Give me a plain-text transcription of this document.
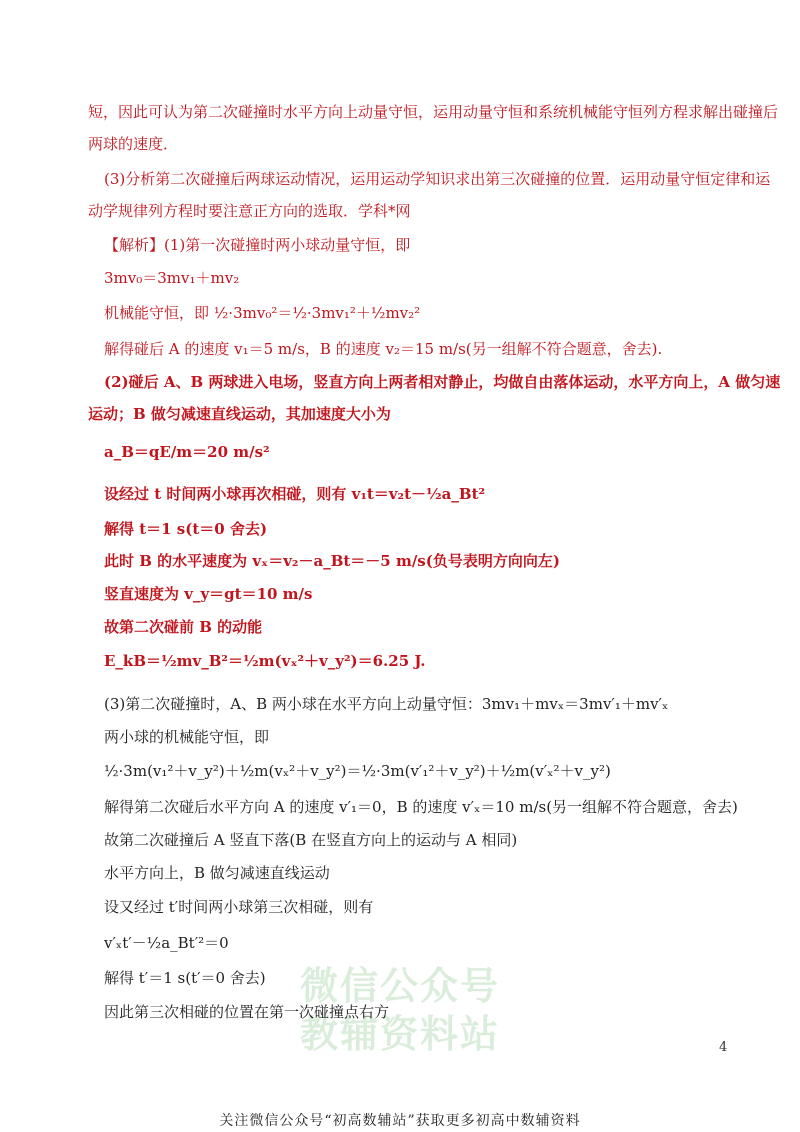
微信公众号
教辅资料站
短，因此可认为第二次碰撞时水平方向上动量守恒，运用动量守恒和系统机械能守恒列方程求解出碰撞后
两球的速度．
(3)分析第二次碰撞后两球运动情况，运用运动学知识求出第三次碰撞的位置．运用动量守恒定律和运
动学规律列方程时要注意正方向的选取．学科*网
【解析】(1)第一次碰撞时两小球动量守恒，即
3mv₀＝3mv₁＋mv₂
机械能守恒，即 ½·3mv₀²＝½·3mv₁²＋½mv₂²
解得碰后 A 的速度 v₁＝5 m/s，B 的速度 v₂＝15 m/s(另一组解不符合题意，舍去).
(2)碰后 A、B 两球进入电场，竖直方向上两者相对静止，均做自由落体运动，水平方向上，A 做匀速
运动；B 做匀减速直线运动，其加速度大小为
a_B＝qE/m＝20 m/s²
设经过 t 时间两小球再次相碰，则有 v₁t＝v₂t－½a_Bt²
解得 t＝1 s(t＝0 舍去)
此时 B 的水平速度为 vₓ＝v₂－a_Bt＝－5 m/s(负号表明方向向左)
竖直速度为 v_y＝gt＝10 m/s
故第二次碰前 B 的动能
E_kB＝½mv_B²＝½m(vₓ²＋v_y²)＝6.25 J.
(3)第二次碰撞时，A、B 两小球在水平方向上动量守恒：3mv₁＋mvₓ＝3mv′₁＋mv′ₓ
两小球的机械能守恒，即
½·3m(v₁²＋v_y²)＋½m(vₓ²＋v_y²)＝½·3m(v′₁²＋v_y²)＋½m(v′ₓ²＋v_y²)
解得第二次碰后水平方向 A 的速度 v′₁＝0，B 的速度 v′ₓ＝10 m/s(另一组解不符合题意，舍去)
故第二次碰撞后 A 竖直下落(B 在竖直方向上的运动与 A 相同)
水平方向上，B 做匀减速直线运动
设又经过 t′时间两小球第三次相碰，则有
v′ₓt′－½a_Bt′²＝0
解得 t′＝1 s(t′＝0 舍去)
因此第三次相碰的位置在第一次碰撞点右方
4
关注微信公众号“初高数辅站”获取更多初高中数辅资料
